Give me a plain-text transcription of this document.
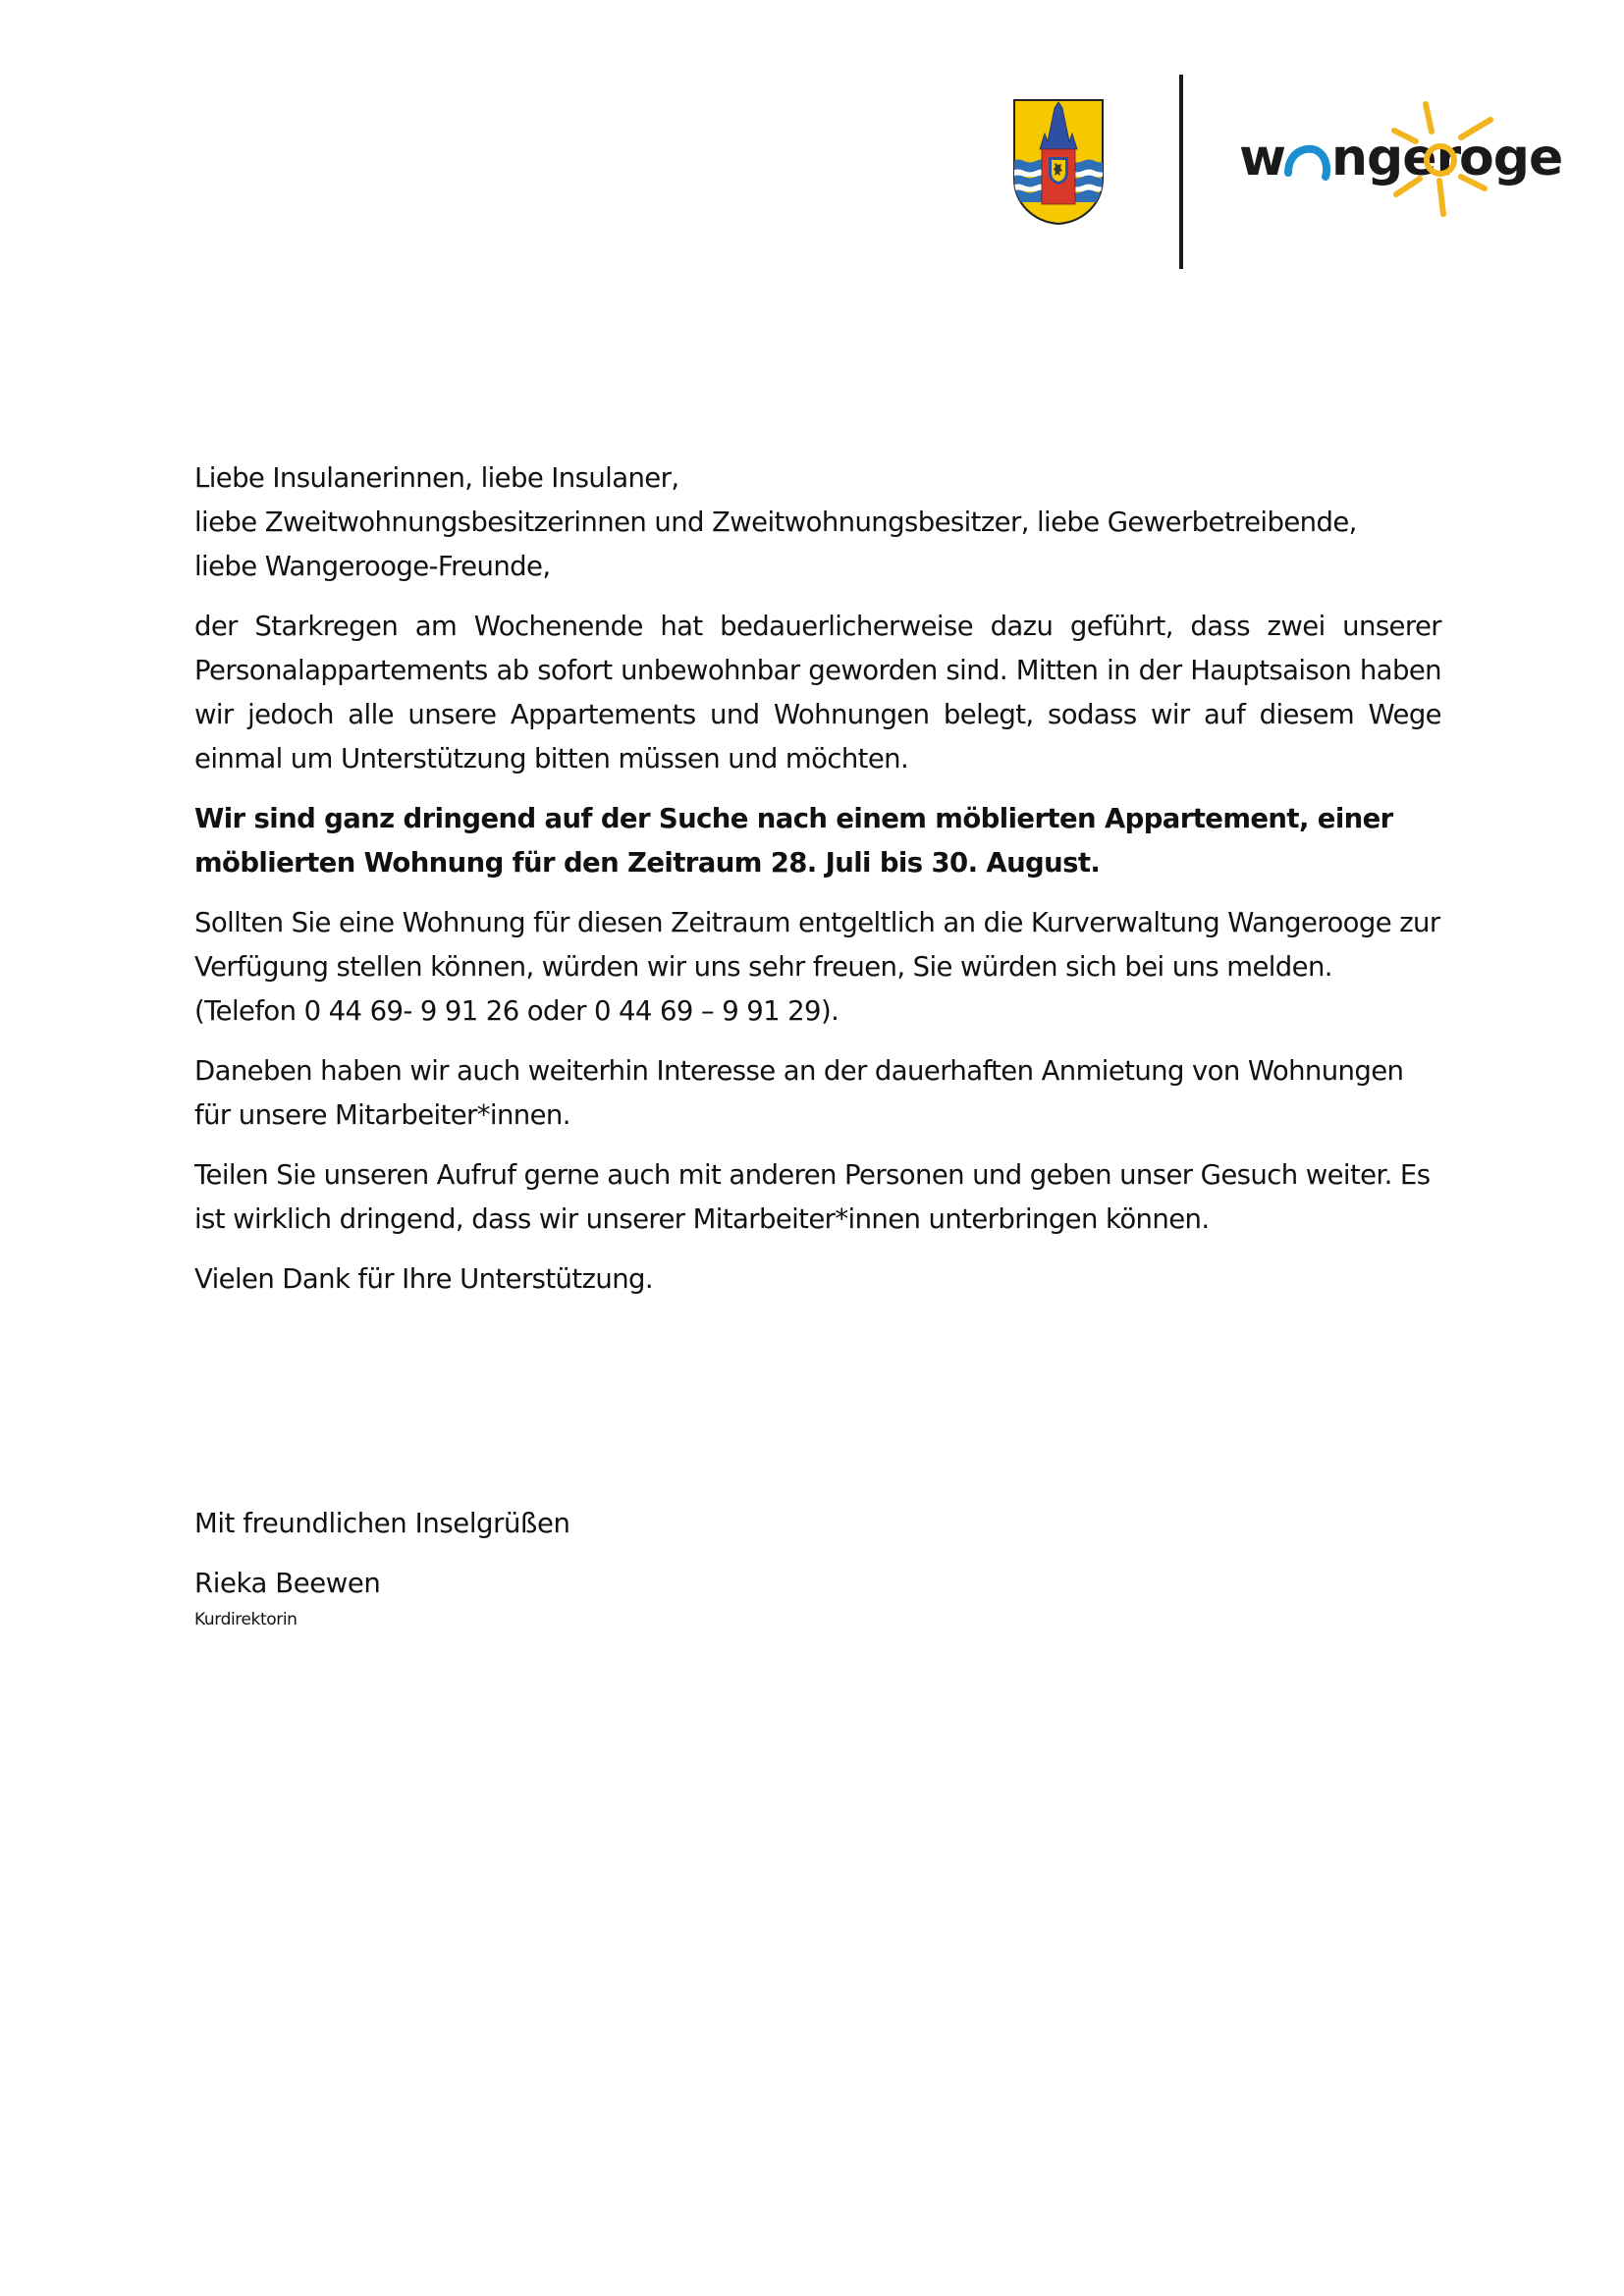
w nger
oge

Liebe Insulanerinnen, liebe Insulaner,
liebe Zweitwohnungsbesitzerinnen und Zweitwohnungsbesitzer, liebe Gewerbetreibende,
liebe Wangerooge-Freunde,

der Starkregen am Wochenende hat bedauerlicherweise dazu geführt, dass zwei unserer Personalappartements ab sofort unbewohnbar geworden sind. Mitten in der Hauptsaison haben wir jedoch alle unsere Appartements und Wohnungen belegt, sodass wir auf diesem Wege einmal um Unterstützung bitten müssen und möchten.

Wir sind ganz dringend auf der Suche nach einem möblierten Appartement, einer möblierten Wohnung für den Zeitraum 28. Juli bis 30. August.

Sollten Sie eine Wohnung für diesen Zeitraum entgeltlich an die Kurverwaltung Wangerooge zur Verfügung stellen können, würden wir uns sehr freuen, Sie würden sich bei uns melden. (Telefon 0 44 69- 9 91 26 oder 0 44 69 – 9 91 29).

Daneben haben wir auch weiterhin Interesse an der dauerhaften Anmietung von Wohnungen für unsere Mitarbeiter*innen.

Teilen Sie unseren Aufruf gerne auch mit anderen Personen und geben unser Gesuch weiter. Es ist wirklich dringend, dass wir unserer Mitarbeiter*innen unterbringen können.

Vielen Dank für Ihre Unterstützung.

Mit freundlichen Inselgrüßen
Rieka Beewen
Kurdirektorin
